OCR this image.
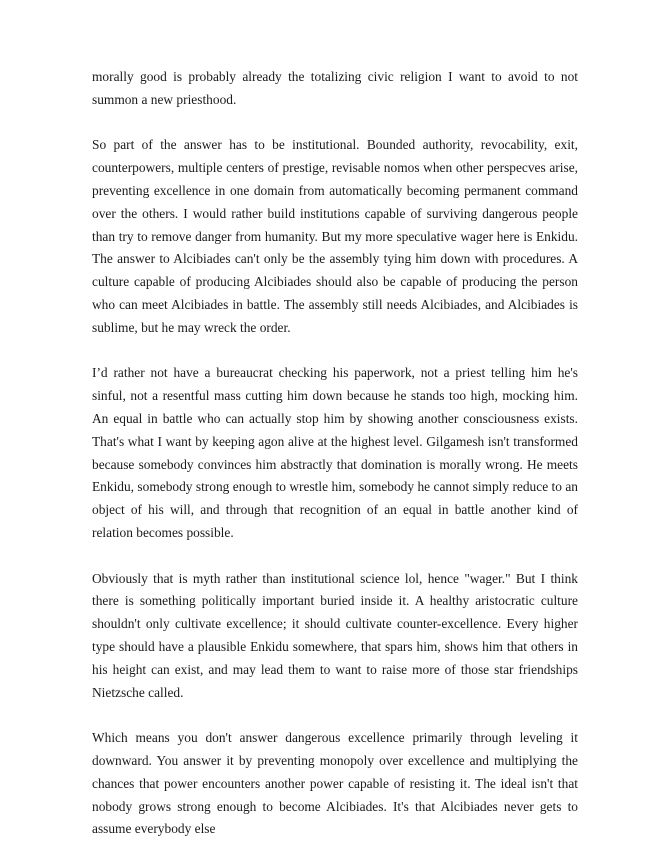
morally good is probably already the totalizing civic religion I want to avoid to not summon a new priesthood.

So part of the answer has to be institutional. Bounded authority, revocability, exit, counterpowers, multiple centers of prestige, revisable nomos when other perspecves arise, preventing excellence in one domain from automatically becoming permanent command over the others. I would rather build institutions capable of surviving dangerous people than try to remove danger from humanity. But my more speculative wager here is Enkidu. The answer to Alcibiades can't only be the assembly tying him down with procedures. A culture capable of producing Alcibiades should also be capable of producing the person who can meet Alcibiades in battle. The assembly still needs Alcibiades, and Alcibiades is sublime, but he may wreck the order.

I’d rather not have a bureaucrat checking his paperwork, not a priest telling him he's sinful, not a resentful mass cutting him down because he stands too high, mocking him. An equal in battle who can actually stop him by showing another consciousness exists. That's what I want by keeping agon alive at the highest level. Gilgamesh isn't transformed because somebody convinces him abstractly that domination is morally wrong. He meets Enkidu, somebody strong enough to wrestle him, somebody he cannot simply reduce to an object of his will, and through that recognition of an equal in battle another kind of relation becomes possible.

Obviously that is myth rather than institutional science lol, hence "wager." But I think there is something politically important buried inside it. A healthy aristocratic culture shouldn't only cultivate excellence; it should cultivate counter-excellence. Every higher type should have a plausible Enkidu somewhere, that spars him, shows him that others in his height can exist, and may lead them to want to raise more of those star friendships Nietzsche called.

Which means you don't answer dangerous excellence primarily through leveling it downward. You answer it by preventing monopoly over excellence and multiplying the chances that power encounters another power capable of resisting it. The ideal isn't that nobody grows strong enough to become Alcibiades. It's that Alcibiades never gets to assume everybody else
